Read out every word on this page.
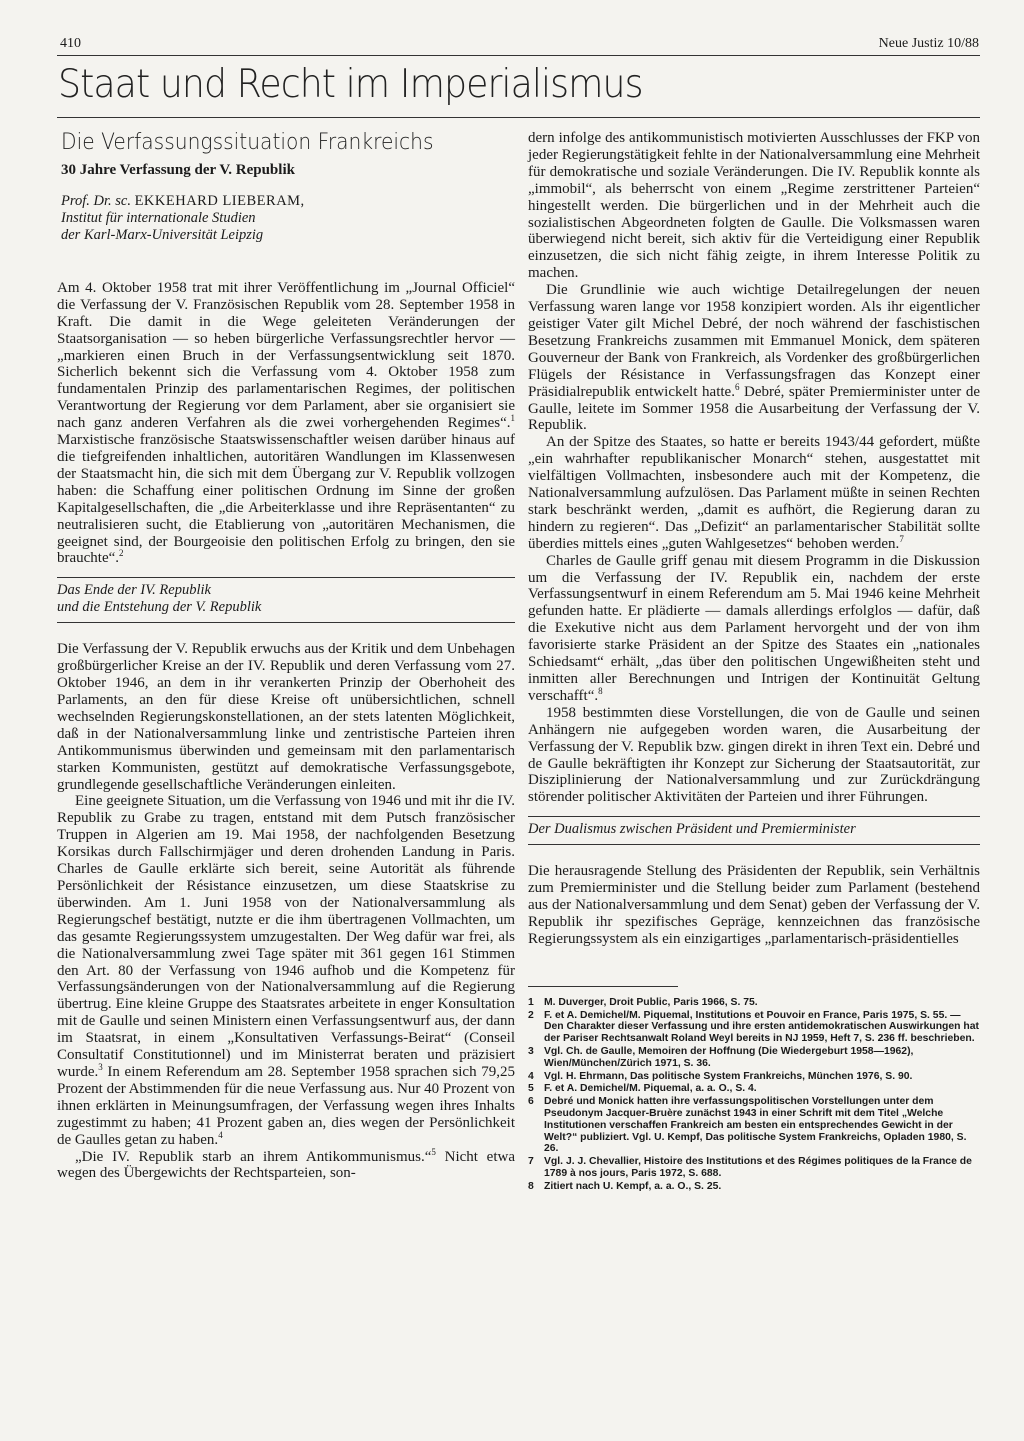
410	Neue Justiz 10/88
Staat und Recht im Imperialismus
Die Verfassungssituation Frankreichs
30 Jahre Verfassung der V. Republik
Prof. Dr. sc. EKKEHARD LIEBERAM,
Institut für internationale Studien
der Karl-Marx-Universität Leipzig

Am 4. Oktober 1958 trat mit ihrer Veröffentlichung im „Journal Officiel“ die Verfassung der V. Französischen Republik vom 28. September 1958 in Kraft. Die damit in die Wege geleiteten Veränderungen der Staatsorganisation — so heben bürgerliche Verfassungsrechtler hervor — „markieren einen Bruch in der Verfassungsentwicklung seit 1870. Sicherlich bekennt sich die Verfassung vom 4. Oktober 1958 zum fundamentalen Prinzip des parlamentarischen Regimes, der politischen Verantwortung der Regierung vor dem Parlament, aber sie organisiert sie nach ganz anderen Verfahren als die zwei vorhergehenden Regimes“.$^1$ Marxistische französische Staatswissenschaftler weisen darüber hinaus auf die tiefgreifenden inhaltlichen, autoritären Wandlungen im Klassenwesen der Staatsmacht hin, die sich mit dem Übergang zur V. Republik vollzogen haben: die Schaffung einer politischen Ordnung im Sinne der großen Kapitalgesellschaften, die „die Arbeiterklasse und ihre Repräsentanten“ zu neutralisieren sucht, die Etablierung von „autoritären Mechanismen, die geeignet sind, der Bourgeoisie den politischen Erfolg zu bringen, den sie brauchte“.$^2$

Das Ende der IV. Republik
und die Entstehung der V. Republik

Die Verfassung der V. Republik erwuchs aus der Kritik und dem Unbehagen großbürgerlicher Kreise an der IV. Republik und deren Verfassung vom 27. Oktober 1946, an dem in ihr verankerten Prinzip der Oberhoheit des Parlaments, an den für diese Kreise oft unübersichtlichen, schnell wechselnden Regierungskonstellationen, an der stets latenten Möglichkeit, daß in der Nationalversammlung linke und zentristische Parteien ihren Antikommunismus überwinden und gemeinsam mit den parlamentarisch starken Kommunisten, gestützt auf demokratische Verfassungsgebote, grundlegende gesellschaftliche Veränderungen einleiten.

Eine geeignete Situation, um die Verfassung von 1946 und mit ihr die IV. Republik zu Grabe zu tragen, entstand mit dem Putsch französischer Truppen in Algerien am 19. Mai 1958, der nachfolgenden Besetzung Korsikas durch Fallschirmjäger und deren drohenden Landung in Paris. Charles de Gaulle erklärte sich bereit, seine Autorität als führende Persönlichkeit der Résistance einzusetzen, um diese Staatskrise zu überwinden. Am 1. Juni 1958 von der Nationalversammlung als Regierungschef bestätigt, nutzte er die ihm übertragenen Vollmachten, um das gesamte Regierungssystem umzugestalten. Der Weg dafür war frei, als die Nationalversammlung zwei Tage später mit 361 gegen 161 Stimmen den Art. 80 der Verfassung von 1946 aufhob und die Kompetenz für Verfassungsänderungen von der Nationalversammlung auf die Regierung übertrug. Eine kleine Gruppe des Staatsrates arbeitete in enger Konsultation mit de Gaulle und seinen Ministern einen Verfassungsentwurf aus, der dann im Staatsrat, in einem „Konsultativen Verfassungs-Beirat“ (Conseil Consultatif Constitutionnel) und im Ministerrat beraten und präzisiert wurde.$^3$ In einem Referendum am 28. September 1958 sprachen sich 79,25 Prozent der Abstimmenden für die neue Verfassung aus. Nur 40 Prozent von ihnen erklärten in Meinungsumfragen, der Verfassung wegen ihres Inhalts zugestimmt zu haben; 41 Prozent gaben an, dies wegen der Persönlichkeit de Gaulles getan zu haben.$^4$

„Die IV. Republik starb an ihrem Antikommunismus.“$^5$ Nicht etwa wegen des Übergewichts der Rechtsparteien, son-

dern infolge des antikommunistisch motivierten Ausschlusses der FKP von jeder Regierungstätigkeit fehlte in der Nationalversammlung eine Mehrheit für demokratische und soziale Veränderungen. Die IV. Republik konnte als „immobil“, als beherrscht von einem „Regime zerstrittener Parteien“ hingestellt werden. Die bürgerlichen und in der Mehrheit auch die sozialistischen Abgeordneten folgten de Gaulle. Die Volksmassen waren überwiegend nicht bereit, sich aktiv für die Verteidigung einer Republik einzusetzen, die sich nicht fähig zeigte, in ihrem Interesse Politik zu machen.

Die Grundlinie wie auch wichtige Detailregelungen der neuen Verfassung waren lange vor 1958 konzipiert worden. Als ihr eigentlicher geistiger Vater gilt Michel Debré, der noch während der faschistischen Besetzung Frankreichs zusammen mit Emmanuel Monick, dem späteren Gouverneur der Bank von Frankreich, als Vordenker des großbürgerlichen Flügels der Résistance in Verfassungsfragen das Konzept einer Präsidialrepublik entwickelt hatte.$^6$ Debré, später Premierminister unter de Gaulle, leitete im Sommer 1958 die Ausarbeitung der Verfassung der V. Republik.

An der Spitze des Staates, so hatte er bereits 1943/44 gefordert, müßte „ein wahrhafter republikanischer Monarch“ stehen, ausgestattet mit vielfältigen Vollmachten, insbesondere auch mit der Kompetenz, die Nationalversammlung aufzulösen. Das Parlament müßte in seinen Rechten stark beschränkt werden, „damit es aufhört, die Regierung daran zu hindern zu regieren“. Das „Defizit“ an parlamentarischer Stabilität sollte überdies mittels eines „guten Wahlgesetzes“ behoben werden.$^7$

Charles de Gaulle griff genau mit diesem Programm in die Diskussion um die Verfassung der IV. Republik ein, nachdem der erste Verfassungsentwurf in einem Referendum am 5. Mai 1946 keine Mehrheit gefunden hatte. Er plädierte — damals allerdings erfolglos — dafür, daß die Exekutive nicht aus dem Parlament hervorgeht und der von ihm favorisierte starke Präsident an der Spitze des Staates ein „nationales Schiedsamt“ erhält, „das über den politischen Ungewißheiten steht und inmitten aller Berechnungen und Intrigen der Kontinuität Geltung verschafft“.$^8$

1958 bestimmten diese Vorstellungen, die von de Gaulle und seinen Anhängern nie aufgegeben worden waren, die Ausarbeitung der Verfassung der V. Republik bzw. gingen direkt in ihren Text ein. Debré und de Gaulle bekräftigten ihr Konzept zur Sicherung der Staatsautorität, zur Disziplinierung der Nationalversammlung und zur Zurückdrängung störender politischer Aktivitäten der Parteien und ihrer Führungen.

Der Dualismus zwischen Präsident und Premierminister

Die herausragende Stellung des Präsidenten der Republik, sein Verhältnis zum Premierminister und die Stellung beider zum Parlament (bestehend aus der Nationalversammlung und dem Senat) geben der Verfassung der V. Republik ihr spezifisches Gepräge, kennzeichnen das französische Regierungssystem als ein einzigartiges „parlamentarisch-präsidentielles

1 M. Duverger, Droit Public, Paris 1966, S. 75.
2 F. et A. Demichel/M. Piquemal, Institutions et Pouvoir en France, Paris 1975, S. 55. — Den Charakter dieser Verfassung und ihre ersten antidemokratischen Auswirkungen hat der Pariser Rechtsanwalt Roland Weyl bereits in NJ 1959, Heft 7, S. 236 ff. beschrieben.
3 Vgl. Ch. de Gaulle, Memoiren der Hoffnung (Die Wiedergeburt 1958—1962), Wien/München/Zürich 1971, S. 36.
4 Vgl. H. Ehrmann, Das politische System Frankreichs, München 1976, S. 90.
5 F. et A. Demichel/M. Piquemal, a. a. O., S. 4.
6 Debré und Monick hatten ihre verfassungspolitischen Vorstellungen unter dem Pseudonym Jacquer-Bruère zunächst 1943 in einer Schrift mit dem Titel „Welche Institutionen verschaffen Frankreich am besten ein entsprechendes Gewicht in der Welt?“ publiziert. Vgl. U. Kempf, Das politische System Frankreichs, Opladen 1980, S. 26.
7 Vgl. J. J. Chevallier, Histoire des Institutions et des Régimes politiques de la France de 1789 à nos jours, Paris 1972, S. 688.
8 Zitiert nach U. Kempf, a. a. O., S. 25.
